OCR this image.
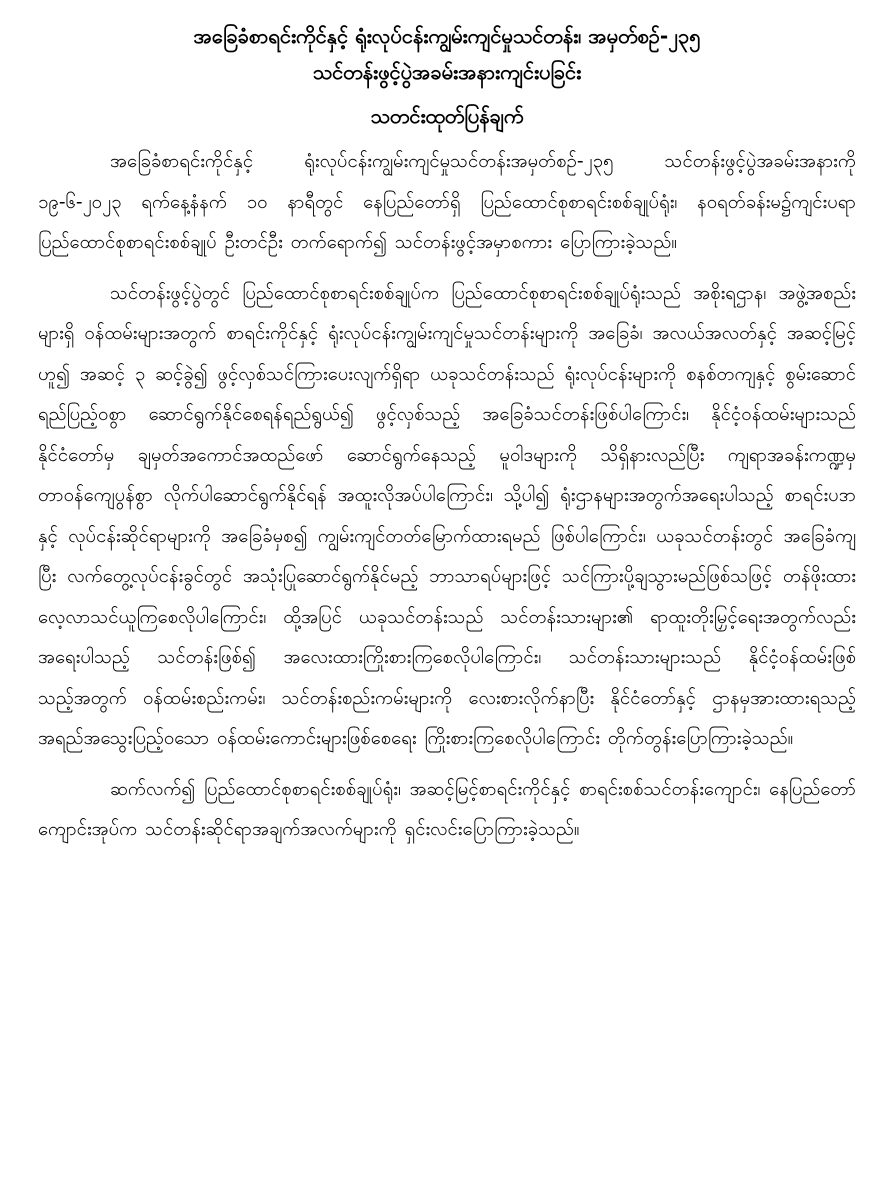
အခြေခံစာရင်းကိုင်နှင့် ရုံးလုပ်ငန်းကျွမ်းကျင်မှုသင်တန်း၊ အမှတ်စဉ်-၂၃၅

သင်တန်းဖွင့်ပွဲအခမ်းအနားကျင်းပခြင်း

သတင်းထုတ်ပြန်ချက်

အခြေခံစာရင်းကိုင်နှင့် ရုံးလုပ်ငန်းကျွမ်းကျင်မှုသင်တန်းအမှတ်စဉ်-၂၃၅ သင်တန်းဖွင့်ပွဲအခမ်းအနားကို ၁၉-၆-၂၀၂၃ ရက်နေ့နံနက် ၁၀ နာရီတွင် နေပြည်တော်ရှိ ပြည်ထောင်စုစာရင်းစစ်ချုပ်ရုံး၊ နဝရတ်ခန်းမ၌ကျင်းပရာ ပြည်ထောင်စုစာရင်းစစ်ချုပ် ဦးတင်ဦး တက်ရောက်၍ သင်တန်းဖွင့်အမှာစကား ပြောကြားခဲ့သည်။

သင်တန်းဖွင့်ပွဲတွင် ပြည်ထောင်စုစာရင်းစစ်ချုပ်က ပြည်ထောင်စုစာရင်းစစ်ချုပ်ရုံးသည် အစိုးရဌာန၊ အဖွဲ့အစည်းများရှိ ဝန်ထမ်းများအတွက် စာရင်းကိုင်နှင့် ရုံးလုပ်ငန်းကျွမ်းကျင်မှုသင်တန်းများကို အခြေခံ၊ အလယ်အလတ်နှင့် အဆင့်မြင့်ဟူ၍ အဆင့် ၃ ဆင့်ခွဲ၍ ဖွင့်လှစ်သင်ကြားပေးလျက်ရှိရာ ယခုသင်တန်းသည် ရုံးလုပ်ငန်းများကို စနစ်တကျနှင့် စွမ်းဆောင်ရည်ပြည့်ဝစွာ ဆောင်ရွက်နိုင်စေရန်ရည်ရွယ်၍ ဖွင့်လှစ်သည့် အခြေခံသင်တန်းဖြစ်ပါကြောင်း၊ နိုင်ငံ့ဝန်ထမ်းများသည် နိုင်ငံတော်မှ ချမှတ်အကောင်အထည်ဖော် ဆောင်ရွက်နေသည့် မူဝါဒများကို သိရှိနားလည်ပြီး ကျရာအခန်းကဏ္ဍမှ တာဝန်ကျေပွန်စွာ လိုက်ပါဆောင်ရွက်နိုင်ရန် အထူးလိုအပ်ပါကြောင်း၊ သို့ပါ၍ ရုံးဌာနများအတွက်အရေးပါသည့် စာရင်းပဒာနှင့် လုပ်ငန်းဆိုင်ရာများကို အခြေခံမှစ၍ ကျွမ်းကျင်တတ်မြောက်ထားရမည် ဖြစ်ပါကြောင်း၊ ယခုသင်တန်းတွင် အခြေခံကျပြီး လက်တွေ့လုပ်ငန်းခွင်တွင် အသုံးပြုဆောင်ရွက်နိုင်မည့် ဘာသာရပ်များဖြင့် သင်ကြားပို့ချသွားမည်ဖြစ်သဖြင့် တန်ဖိုးထားလေ့လာသင်ယူကြစေလိုပါကြောင်း၊ ထို့အပြင် ယခုသင်တန်းသည် သင်တန်းသားများ၏ ရာထူးတိုးမြှင့်ရေးအတွက်လည်းအရေးပါသည့် သင်တန်းဖြစ်၍ အလေးထားကြိုးစားကြစေလိုပါကြောင်း၊ သင်တန်းသားများသည် နိုင်ငံ့ဝန်ထမ်းဖြစ်သည့်အတွက် ဝန်ထမ်းစည်းကမ်း၊ သင်တန်းစည်းကမ်းများကို လေးစားလိုက်နာပြီး နိုင်ငံတော်နှင့် ဌာနမှအားထားရသည့် အရည်အသွေးပြည့်ဝသော ဝန်ထမ်းကောင်းများဖြစ်စေရေး ကြိုးစားကြစေလိုပါကြောင်း တိုက်တွန်းပြောကြားခဲ့သည်။

ဆက်လက်၍ ပြည်ထောင်စုစာရင်းစစ်ချုပ်ရုံး၊ အဆင့်မြင့်စာရင်းကိုင်နှင့် စာရင်းစစ်သင်တန်းကျောင်း၊ နေပြည်တော်ကျောင်းအုပ်က သင်တန်းဆိုင်ရာအချက်အလက်များကို ရှင်းလင်းပြောကြားခဲ့သည်။
